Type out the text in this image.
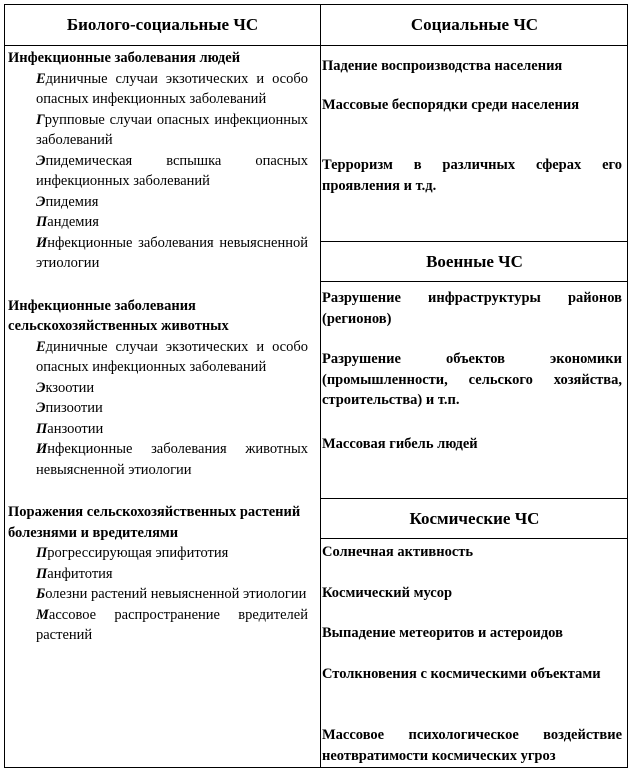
Биолого-социальные ЧС	Социальные ЧС
Военные ЧС
Космические ЧС

Инфекционные заболевания людей

Единичные случаи экзотических и особо опасных инфекционных заболеваний

Групповые случаи опасных инфекционных заболеваний

Эпидемическая вспышка опасных инфекционных заболеваний

Эпидемия

Пандемия

Инфекционные заболевания невыясненной этиологии

Инфекционные заболевания сельскохозяйственных животных

Единичные случаи экзотических и особо опасных инфекционных заболеваний

Экзоотии

Эпизоотии

Панзоотии

Инфекционные заболевания животных невыясненной этиологии

Поражения сельскохозяйственных растений болезнями и вредителями

Прогрессирующая эпифитотия

Панфитотия

Болезни растений невыясненной этиологии

Массовое распространение вредителей растений

Падение воспроизводства населения

Массовые беспорядки среди населения

Терроризм в различных сферах его проявления и т.д.

Разрушение инфраструктуры районов (регионов)

Разрушение объектов экономики (промышленности, сельского хозяйства, строительства) и т.п.

Массовая гибель людей

Солнечная активность

Космический мусор

Выпадение метеоритов и астероидов

Столкновения с космическими объектами

Массовое психологическое воздействие неотвратимости космических угроз
